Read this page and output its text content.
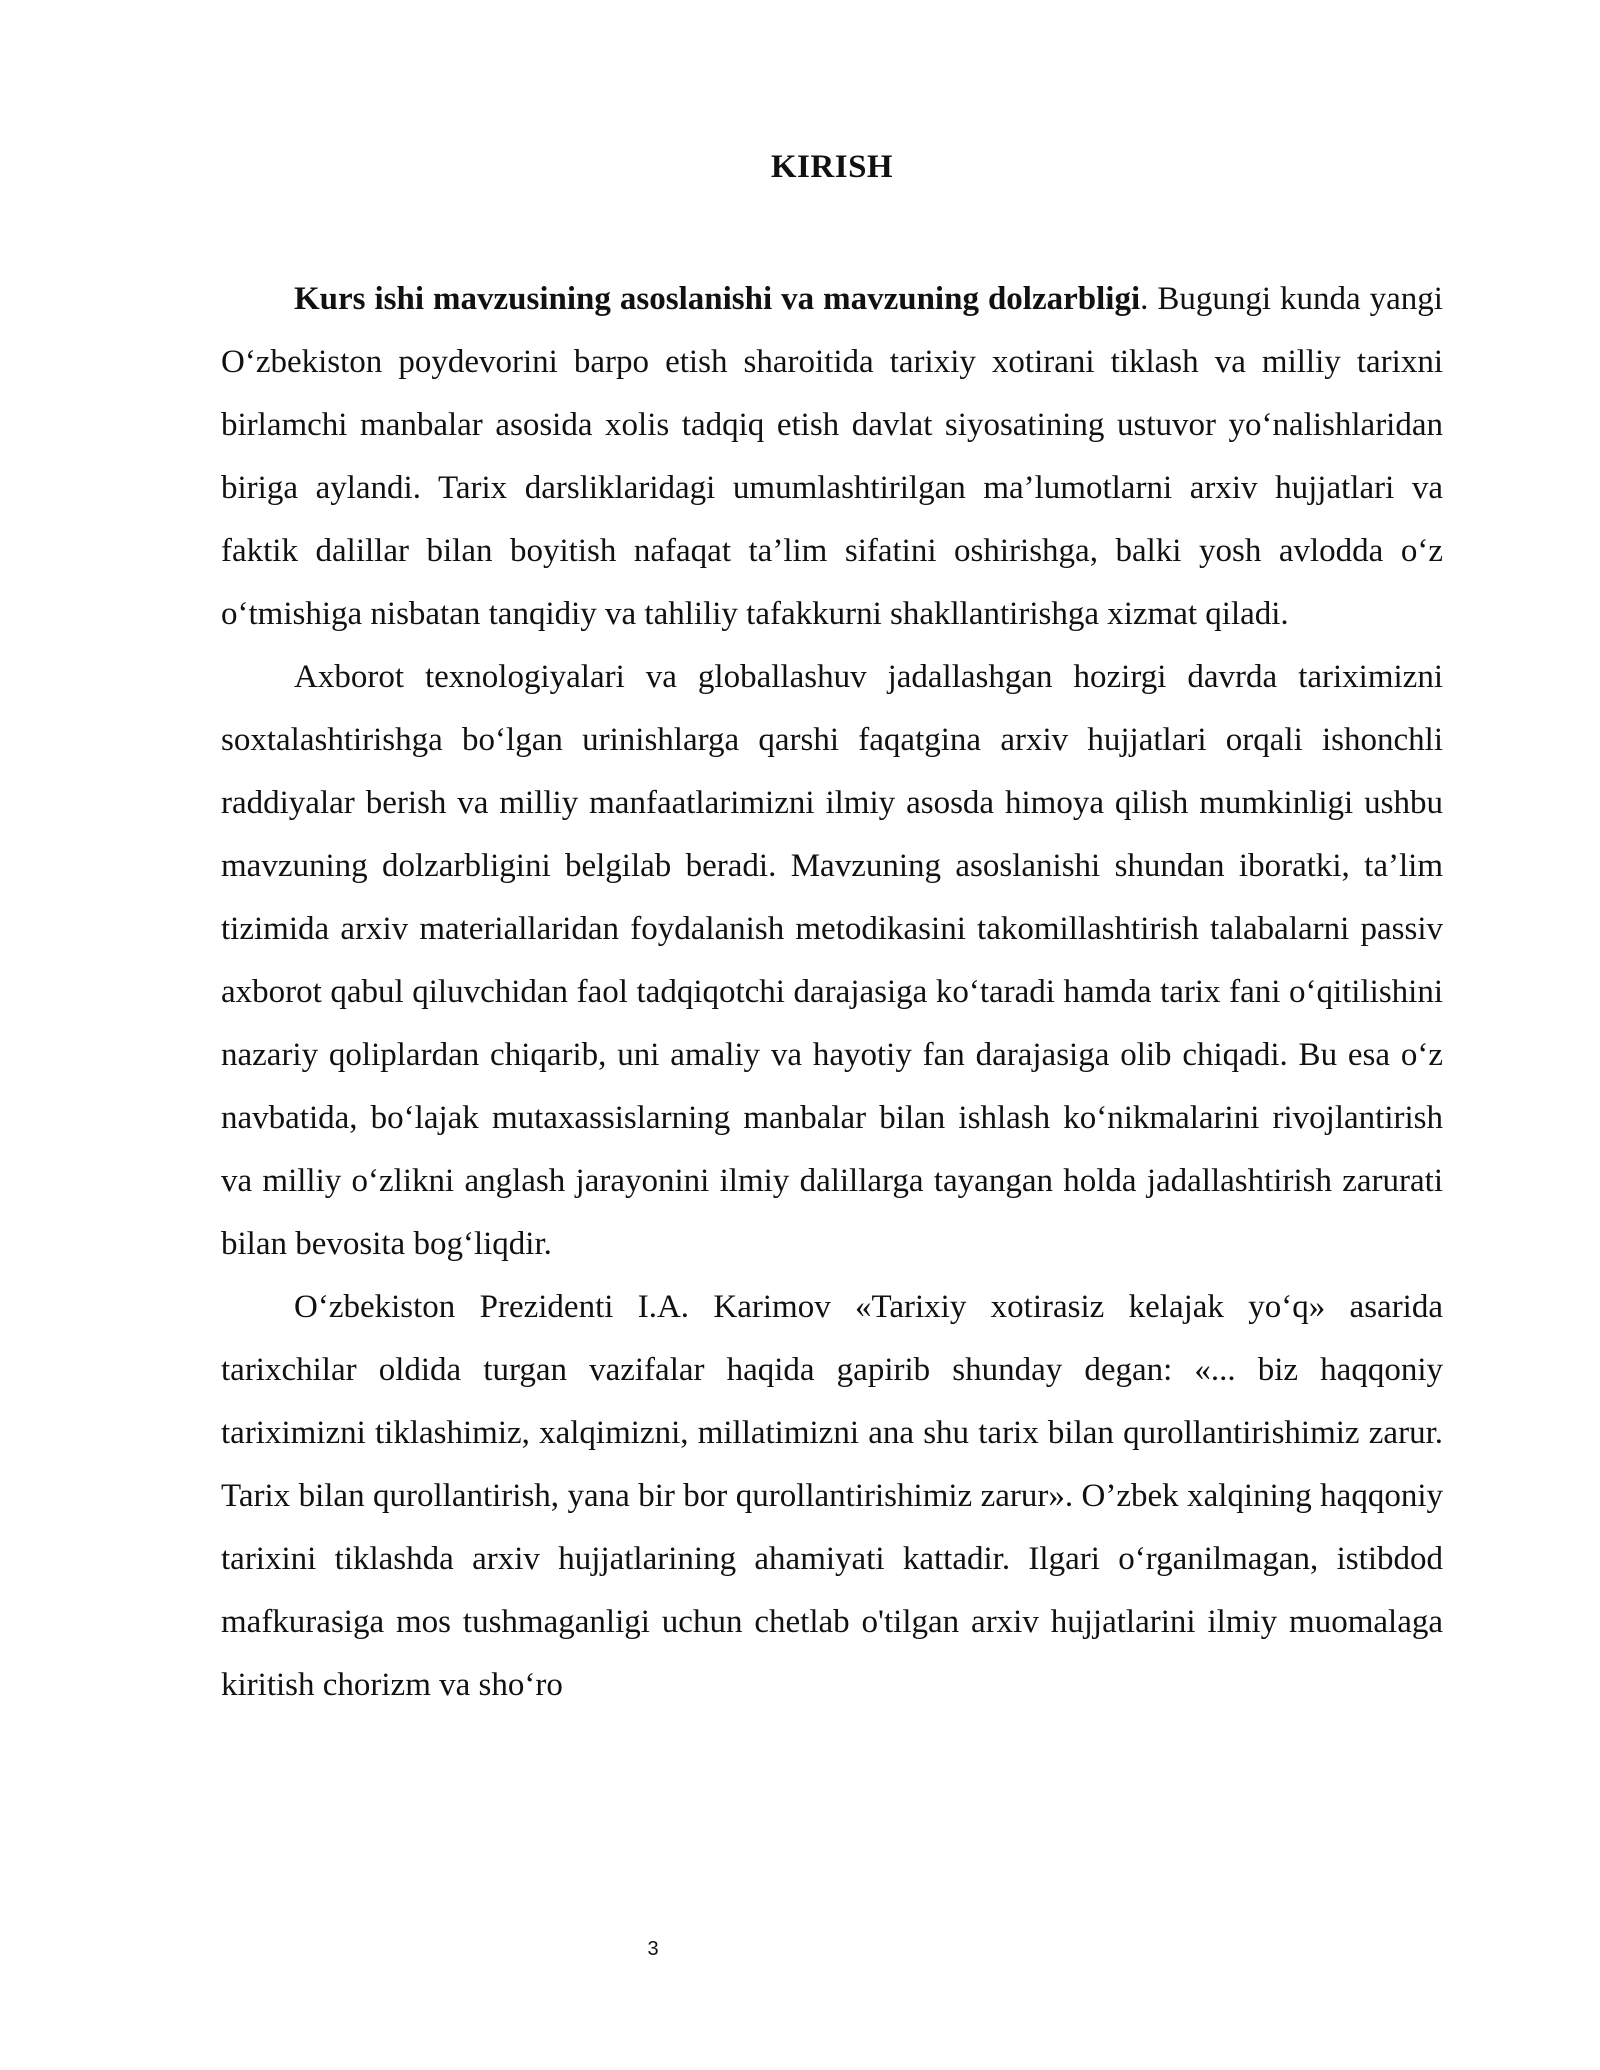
KIRISH

Kurs ishi mavzusining asoslanishi va mavzuning dolzarbligi. Bugungi kunda yangi O‘zbekiston poydevorini barpo etish sharoitida tarixiy xotirani tiklash va milliy tarixni birlamchi manbalar asosida xolis tadqiq etish davlat siyosatining ustuvor yo‘nalishlaridan biriga aylandi. Tarix darsliklaridagi umumlashtirilgan ma’lumotlarni arxiv hujjatlari va faktik dalillar bilan boyitish nafaqat ta’lim sifatini oshirishga, balki yosh avlodda o‘z o‘tmishiga nisbatan tanqidiy va tahliliy tafakkurni shakllantirishga xizmat qiladi.

Axborot texnologiyalari va globallashuv jadallashgan hozirgi davrda tariximizni soxtalashtirishga bo‘lgan urinishlarga qarshi faqatgina arxiv hujjatlari orqali ishonchli raddiyalar berish va milliy manfaatlarimizni ilmiy asosda himoya qilish mumkinligi ushbu mavzuning dolzarbligini belgilab beradi. Mavzuning asoslanishi shundan iboratki, ta’lim tizimida arxiv materiallaridan foydalanish metodikasini takomillashtirish talabalarni passiv axborot qabul qiluvchidan faol tadqiqotchi darajasiga ko‘taradi hamda tarix fani o‘qitilishini nazariy qoliplardan chiqarib, uni amaliy va hayotiy fan darajasiga olib chiqadi. Bu esa o‘z navbatida, bo‘lajak mutaxassislarning manbalar bilan ishlash ko‘nikmalarini rivojlantirish va milliy o‘zlikni anglash jarayonini ilmiy dalillarga tayangan holda jadallashtirish zarurati bilan bevosita bog‘liqdir.

O‘zbekiston Prezidenti I.A. Karimov «Tarixiy xotirasiz kelajak yo‘q» asarida tarixchilar oldida turgan vazifalar haqida gapirib shunday degan: «... biz haqqoniy tariximizni tiklashimiz, xalqimizni, millatimizni ana shu tarix bilan qurollantirishimiz zarur. Tarix bilan qurollantirish, yana bir bor qurollantirishimiz zarur». O’zbek xalqining haqqoniy tarixini tiklashda arxiv hujjatlarining ahamiyati kattadir. Ilgari o‘rganilmagan, istibdod mafkurasiga mos tushmaganligi uchun chetlab o'tilgan arxiv hujjatlarini ilmiy muomalaga kiritish chorizm va sho‘ro

3
